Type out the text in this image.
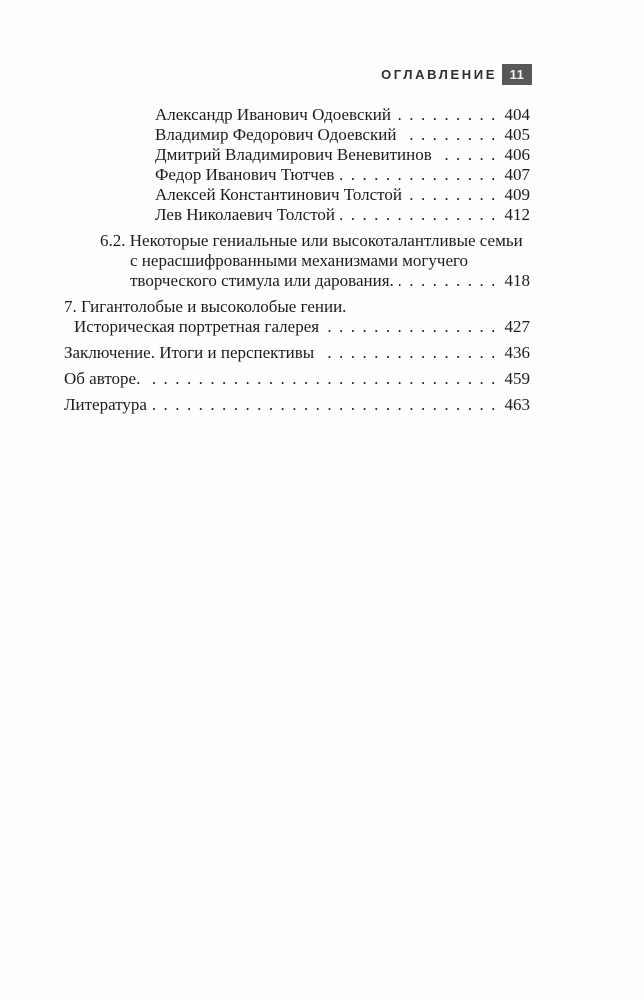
ОГЛАВЛЕНИЕ 11
Александр Иванович Одоевский . . .	404
Владимир Федорович Одоевский . . .	405
Дмитрий Владимирович Веневитинов . . .	406
Федор Иванович Тютчев . . .	407
Алексей Константинович Толстой . . .	409
Лев Николаевич Толстой . . .	412
6.2. Некоторые гениальные или высокоталантливые семьи
с нерасшифрованными механизмами могучего
творческого стимула или дарования. . . .	418
7. Гигантолобые и высоколобые гении.
Историческая портретная галерея . . .	427
Заключение. Итоги и перспективы . . .	436
Об авторе. . . .	459
Литература . . .	463
